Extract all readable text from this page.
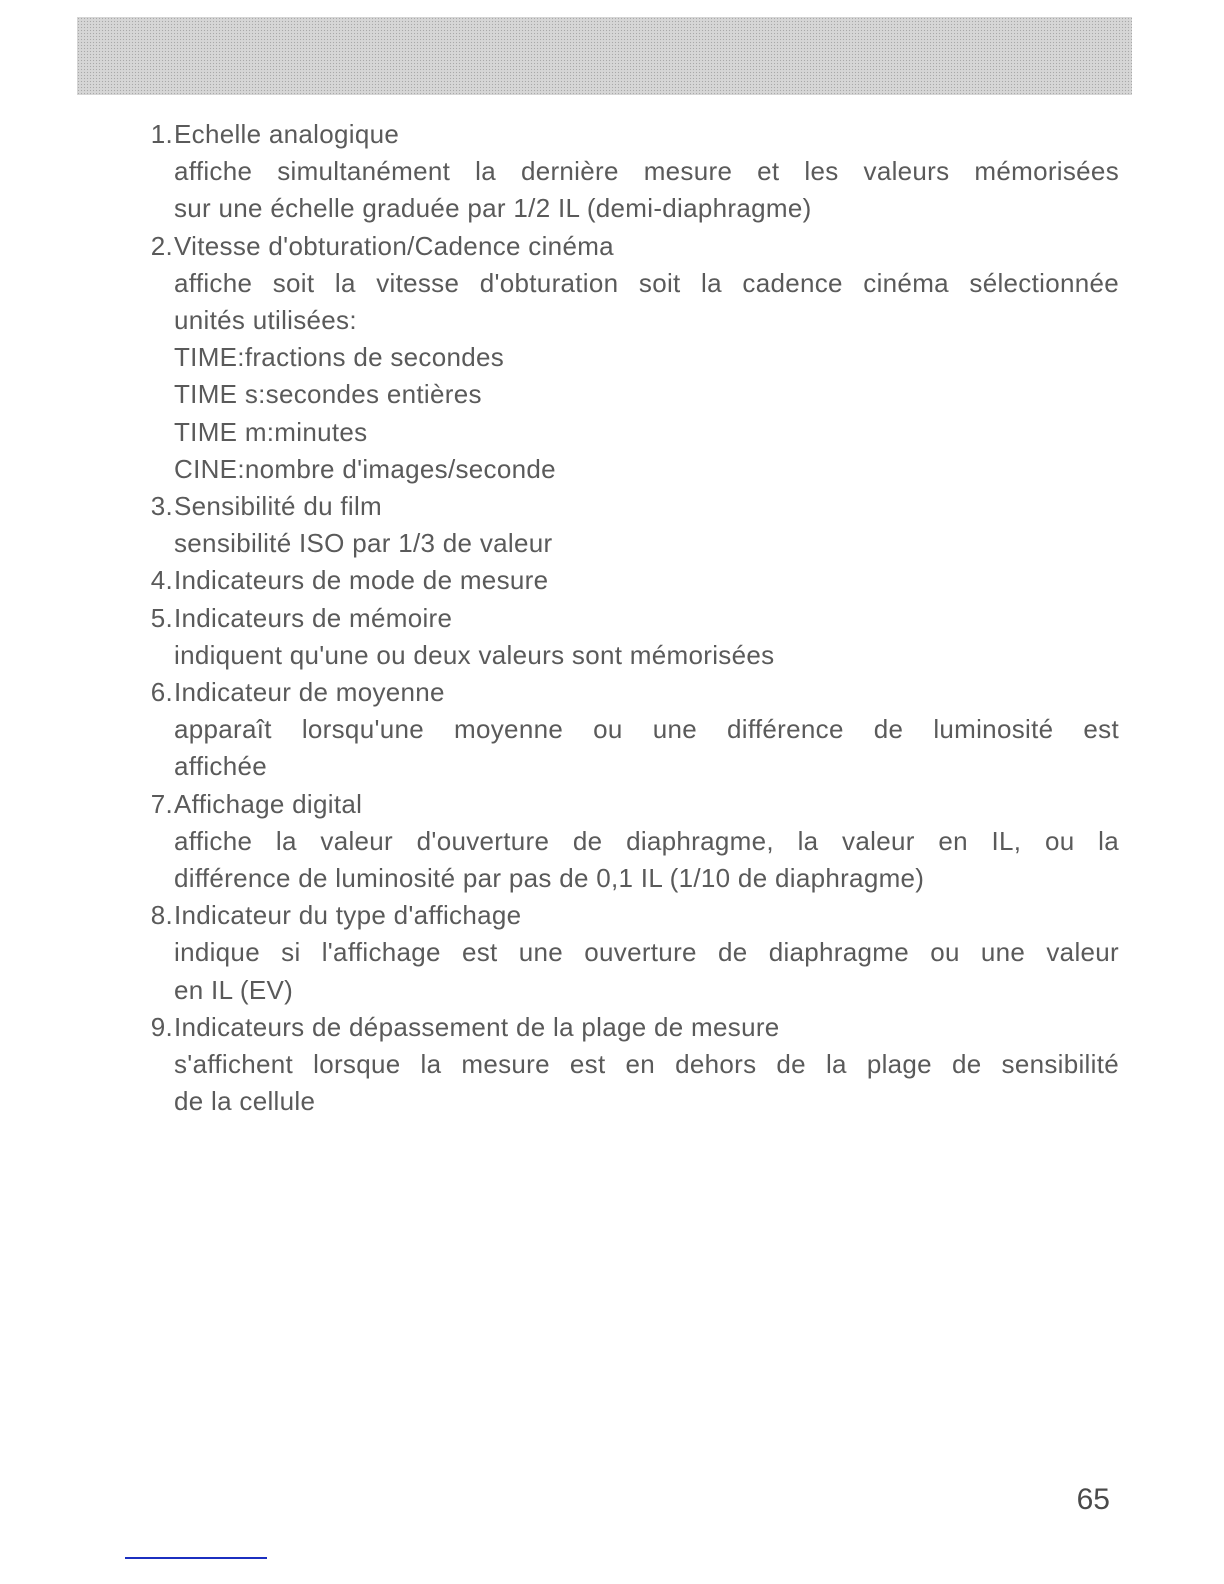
1. Echelle analogique
affiche simultanément la dernière mesure et les valeurs mémorisées
sur une échelle graduée par 1/2 IL (demi-diaphragme)
2. Vitesse d'obturation/Cadence cinéma
affiche soit la vitesse d'obturation soit la cadence cinéma sélectionnée
unités utilisées:
TIME:fractions de secondes
TIME s:secondes entières
TIME m:minutes
CINE:nombre d'images/seconde
3. Sensibilité du film
sensibilité ISO par 1/3 de valeur
4. Indicateurs de mode de mesure
5. Indicateurs de mémoire
indiquent qu'une ou deux valeurs sont mémorisées
6. Indicateur de moyenne
apparaît lorsqu'une moyenne ou une différence de luminosité est
affichée
7. Affichage digital
affiche la valeur d'ouverture de diaphragme, la valeur en IL, ou la
différence de luminosité par pas de 0,1 IL (1/10 de diaphragme)
8. Indicateur du type d'affichage
indique si l'affichage est une ouverture de diaphragme ou une valeur
en IL (EV)
9. Indicateurs de dépassement de la plage de mesure
s'affichent lorsque la mesure est en dehors de la plage de sensibilité
de la cellule
65
